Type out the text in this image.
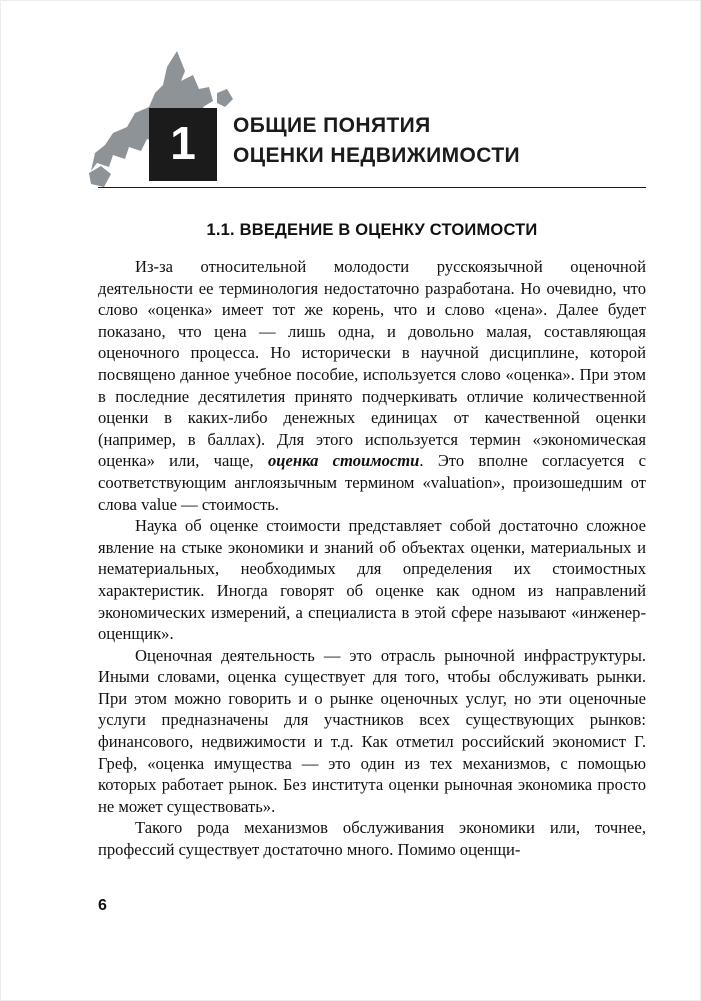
1 ОБЩИЕ ПОНЯТИЯ
ОЦЕНКИ НЕДВИЖИМОСТИ
1.1. ВВЕДЕНИЕ В ОЦЕНКУ СТОИМОСТИ

Из-за относительной молодости русскоязычной оценочной деятельности ее терминология недостаточно разработана. Но очевидно, что слово «оценка» имеет тот же корень, что и слово «цена». Далее будет показано, что цена — лишь одна, и довольно малая, составляющая оценочного процесса. Но исторически в научной дисциплине, которой посвящено данное учебное пособие, используется слово «оценка». При этом в последние десятилетия принято подчеркивать отличие количественной оценки в каких-либо денежных единицах от качественной оценки (например, в баллах). Для этого используется термин «экономическая оценка» или, чаще, оценка стоимости. Это вполне согласуется с соответствующим англоязычным термином «valuation», произошедшим от слова value — стоимость.

Наука об оценке стоимости представляет собой достаточно сложное явление на стыке экономики и знаний об объектах оценки, материальных и нематериальных, необходимых для определения их стоимостных характеристик. Иногда говорят об оценке как одном из направлений экономических измерений, а специалиста в этой сфере называют «инженер-оценщик».

Оценочная деятельность — это отрасль рыночной инфраструктуры. Иными словами, оценка существует для того, чтобы обслуживать рынки. При этом можно говорить и о рынке оценочных услуг, но эти оценочные услуги предназначены для участников всех существующих рынков: финансового, недвижимости и т.д. Как отметил российский экономист Г. Греф, «оценка имущества — это один из тех механизмов, с помощью которых работает рынок. Без института оценки рыночная экономика просто не может существовать».

Такого рода механизмов обслуживания экономики или, точнее, профессий существует достаточно много. Помимо оценщи-

6
